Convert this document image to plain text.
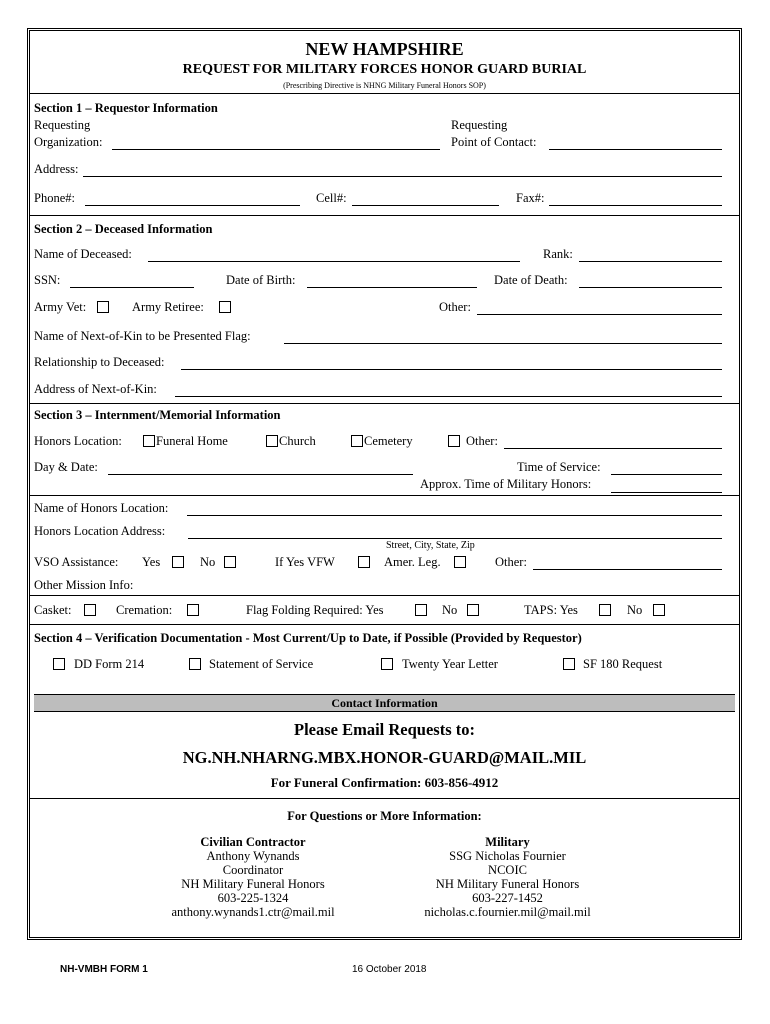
NEW HAMPSHIRE
REQUEST FOR MILITARY FORCES HONOR GUARD BURIAL
(Prescribing Directive is NHNG Military Funeral Honors SOP)
Section 1 – Requestor Information
Requesting
Organization:
Requesting
Point of Contact:
Address:
Phone#:	Cell#:	Fax#:
Section 2 – Deceased Information
Name of Deceased:	Rank:
SSN:	Date of Birth:	Date of Death:
Army Vet:	Army Retiree:	Other:
Name of Next-of-Kin to be Presented Flag:
Relationship to Deceased:
Address of Next-of-Kin:
Section 3 – Internment/Memorial Information
Honors Location:	Funeral Home	Church	Cemetery	Other:
Day & Date:	Time of Service:
Approx. Time of Military Honors:
Name of Honors Location:
Honors Location Address:
Street, City, State, Zip
VSO Assistance: Yes	No	If Yes VFW	Amer. Leg.	Other:
Other Mission Info:
Casket:	Cremation:	Flag Folding Required: Yes	No	TAPS: Yes	No
Section 4 – Verification Documentation - Most Current/Up to Date, if Possible (Provided by Requestor)
DD Form 214	Statement of Service	Twenty Year Letter	SF 180 Request
Contact Information
Please Email Requests to:
NG.NH.NHARNG.MBX.HONOR-GUARD@MAIL.MIL
For Funeral Confirmation: 603-856-4912
For Questions or More Information:
Civilian Contractor
Anthony Wynands
Coordinator
NH Military Funeral Honors
603-225-1324
anthony.wynands1.ctr@mail.mil
Military
SSG Nicholas Fournier
NCOIC
NH Military Funeral Honors
603-227-1452
nicholas.c.fournier.mil@mail.mil
NH-VMBH FORM 1	16 October 2018
